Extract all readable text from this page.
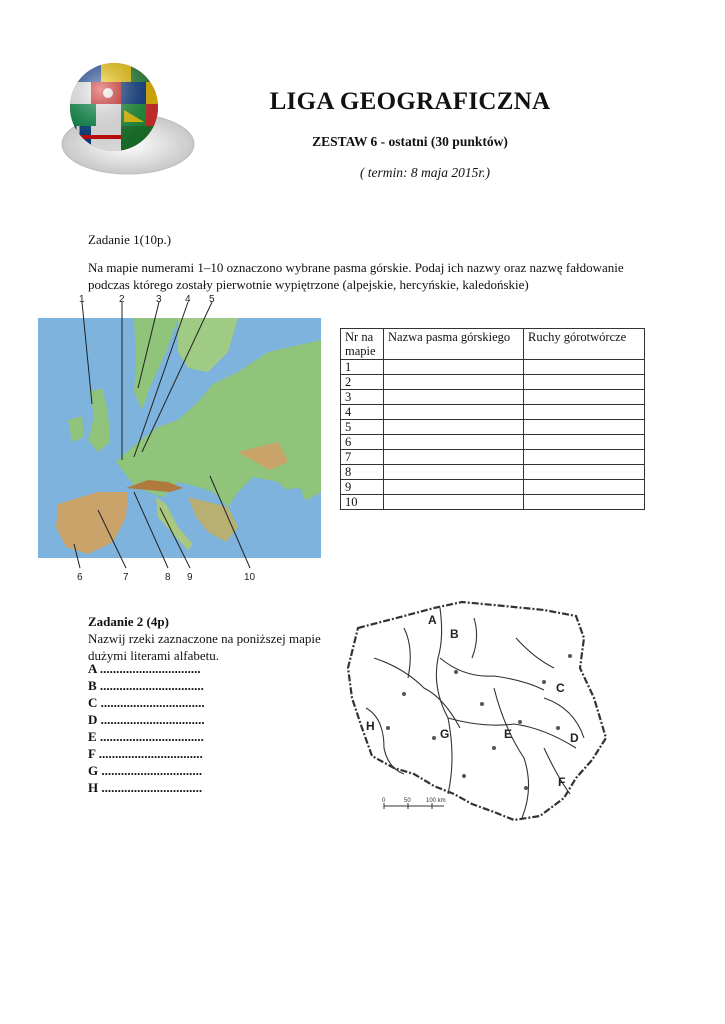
LIGA GEOGRAFICZNA
ZESTAW 6 - ostatni (30 punktów)
( termin: 8 maja 2015r.)
Zadanie 1(10p.)
Na mapie numerami 1–10 oznaczono wybrane pasma górskie. Podaj ich nazwy oraz nazwę fałdowanie podczas którego zostały pierwotnie wypiętrzone (alpejskie, hercyńskie, kaledońskie)
1	2	3 4 5
6	7	8 9	10
Nr na mapie	Nazwa pasma górskiego	Ruchy górotwórcze
1		
2		
3		
4		
5		
6		
7		
8		
9		
10		
Zadanie 2 (4p)
Nazwij rzeki zaznaczone na poniższej mapie dużymi literami alfabetu.
A ...............................
B ................................
C ................................
D ................................
E ................................
F ................................
G ...............................
H ...............................
A
B
C
D
E
F
G
H
0	50	100 km
